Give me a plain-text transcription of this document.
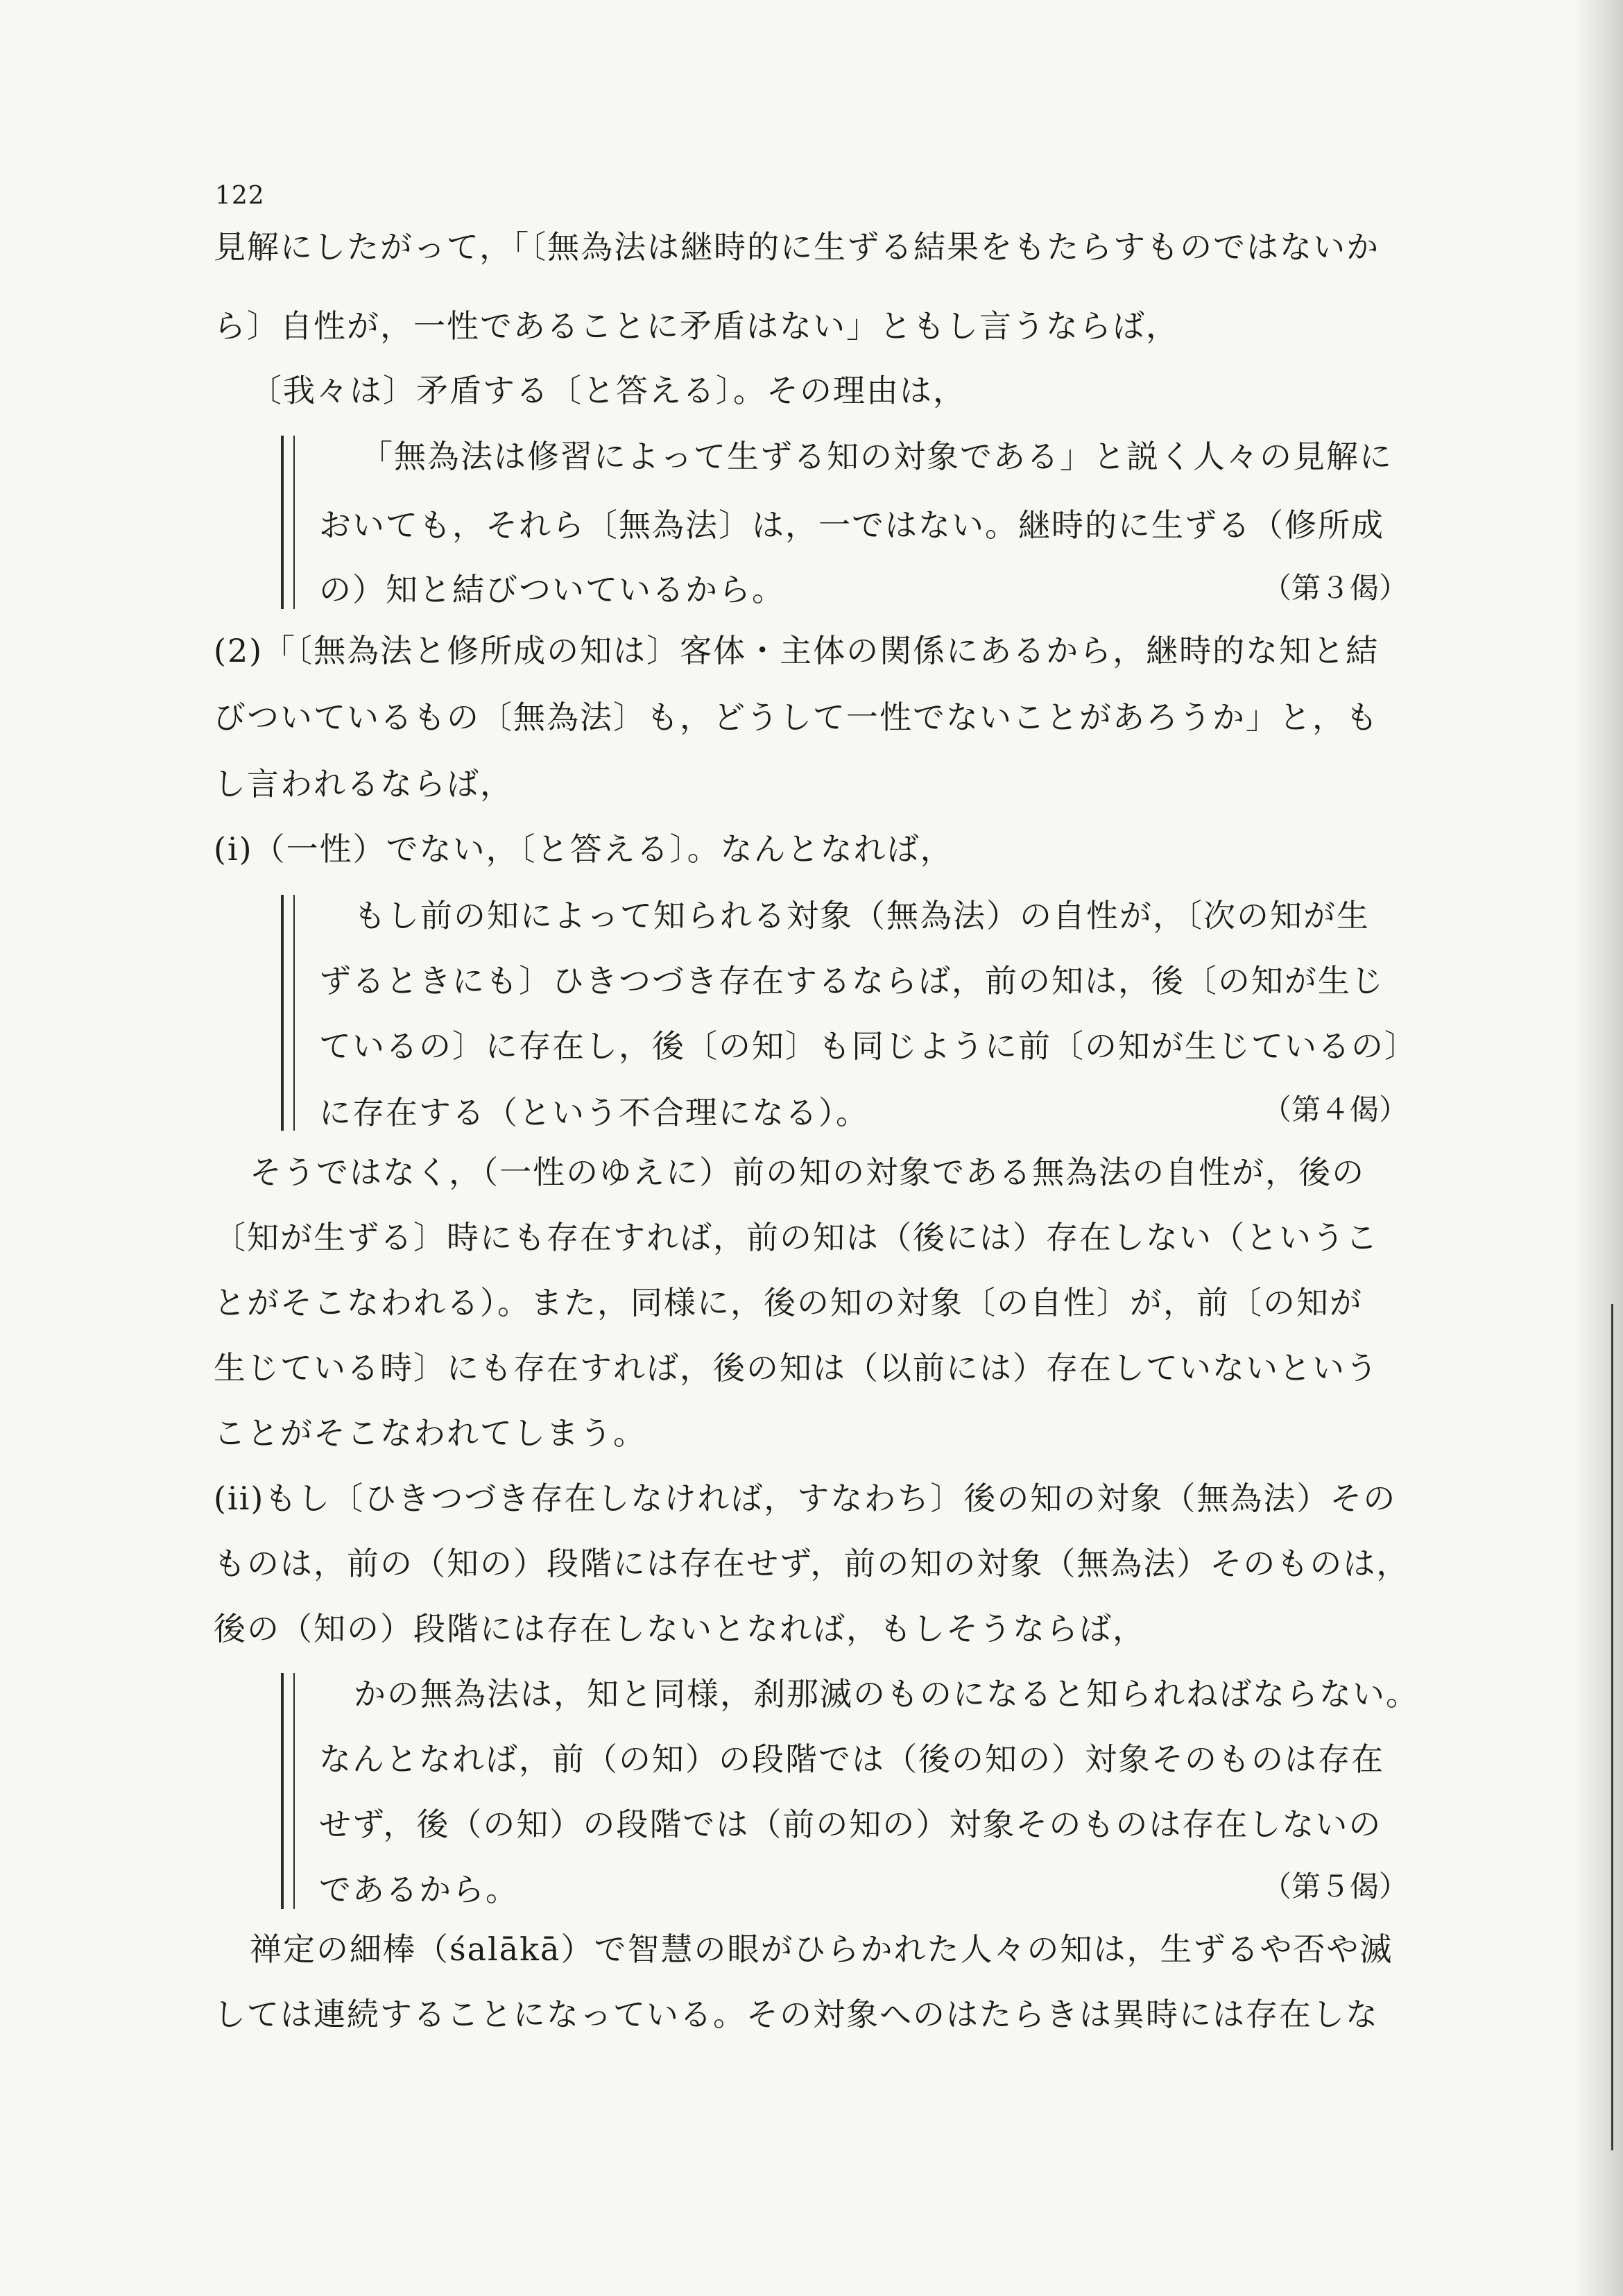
122
見解にしたがって，「〔無為法は継時的に生ずる結果をもたらすものではないか
ら〕自性が，一性であることに矛盾はない」ともし言うならば，
〔我々は〕矛盾する〔と答える〕。その理由は，
「無為法は修習によって生ずる知の対象である」と説く人々の見解に
おいても，それら〔無為法〕は，一ではない。継時的に生ずる（修所成
の）知と結びついているから。	（第３偈）
(2)「〔無為法と修所成の知は〕客体・主体の関係にあるから，継時的な知と結
びついているもの〔無為法〕も，どうして一性でないことがあろうか」と，も
し言われるならば，
(i)（一性）でない，〔と答える〕。なんとなれば，
もし前の知によって知られる対象（無為法）の自性が，〔次の知が生
ずるときにも〕ひきつづき存在するならば，前の知は，後〔の知が生じ
ているの〕に存在し，後〔の知〕も同じように前〔の知が生じているの〕
に存在する（という不合理になる）。	（第４偈）
そうではなく，（一性のゆえに）前の知の対象である無為法の自性が，後の
〔知が生ずる〕時にも存在すれば，前の知は（後には）存在しない（というこ
とがそこなわれる）。また，同様に，後の知の対象〔の自性〕が，前〔の知が
生じている時〕にも存在すれば，後の知は（以前には）存在していないという
ことがそこなわれてしまう。
(ii)もし〔ひきつづき存在しなければ，すなわち〕後の知の対象（無為法）その
ものは，前の（知の）段階には存在せず，前の知の対象（無為法）そのものは，
後の（知の）段階には存在しないとなれば，もしそうならば，
かの無為法は，知と同様，刹那滅のものになると知られねばならない。
なんとなれば，前（の知）の段階では（後の知の）対象そのものは存在
せず，後（の知）の段階では（前の知の）対象そのものは存在しないの
であるから。	（第５偈）
禅定の細棒（śalākā）で智慧の眼がひらかれた人々の知は，生ずるや否や滅
しては連続することになっている。その対象へのはたらきは異時には存在しな
